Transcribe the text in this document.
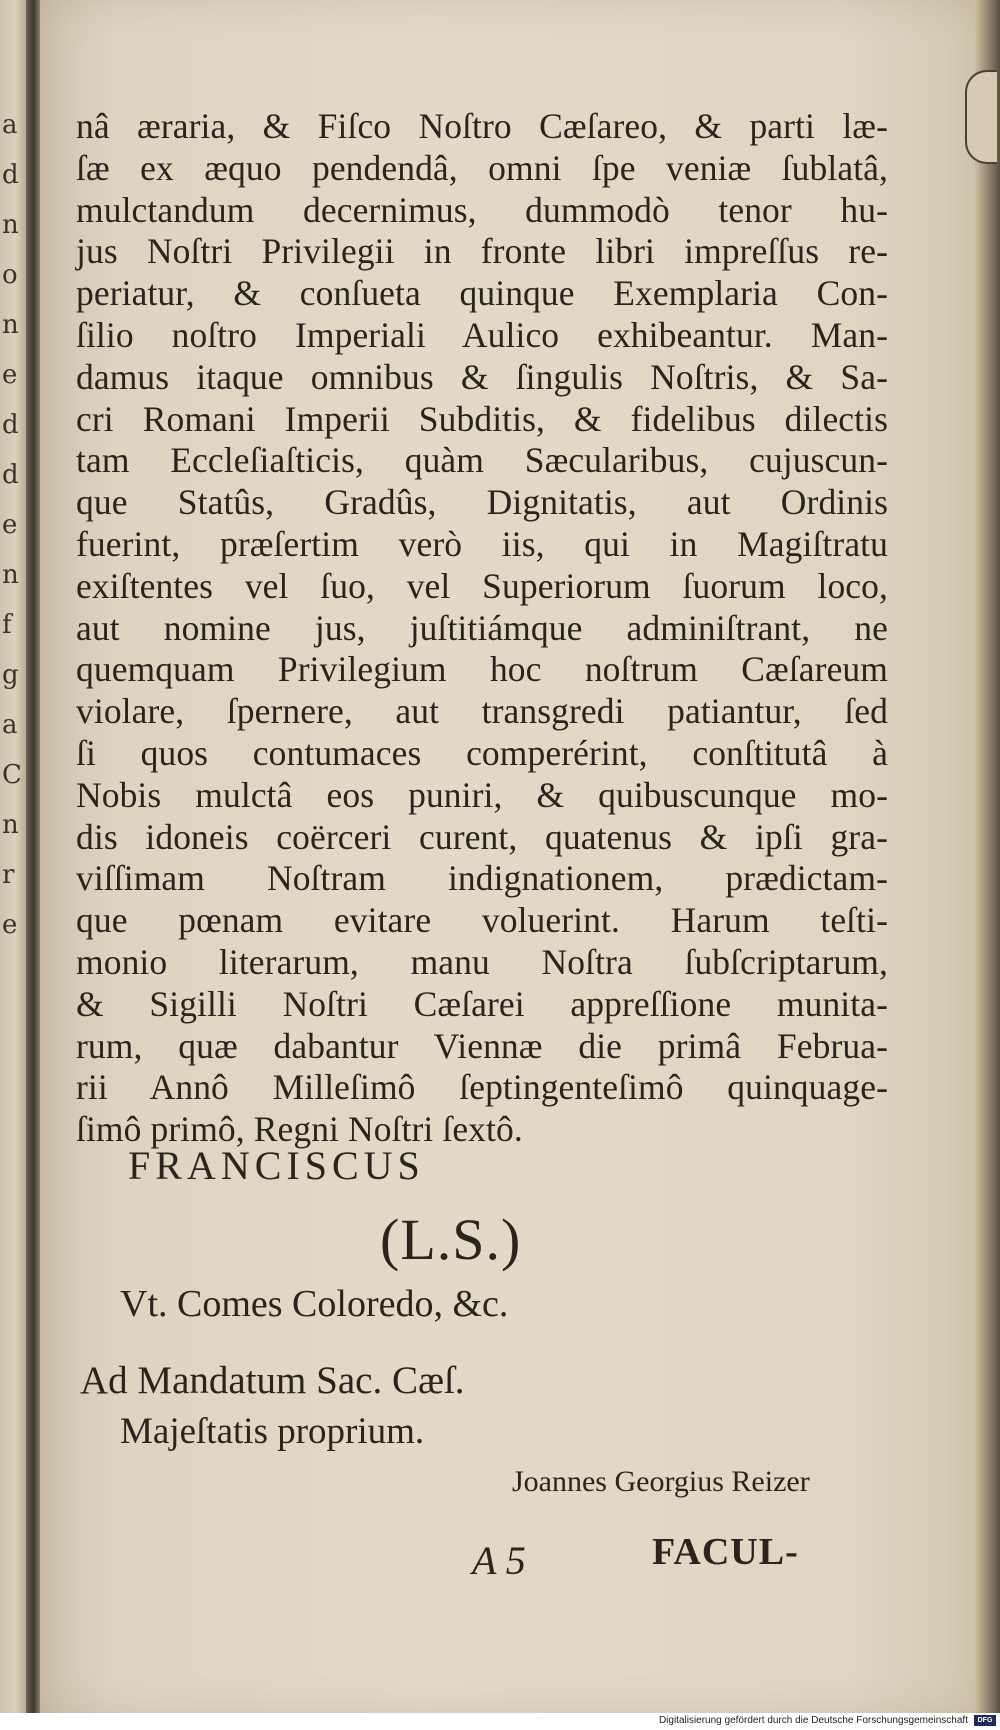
a
d
n
o
n
e
d
d
e
n
f
g
a
C
n
r
e
nâ æraria, & Fiſco Noſtro Cæſareo, & parti læ-
ſæ ex æquo pendendâ, omni ſpe veniæ ſublatâ,
mulctandum decernimus, dummodò tenor hu-
jus Noſtri Privilegii in fronte libri impreſſus re-
periatur, & conſueta quinque Exemplaria Con-
ſilio noſtro Imperiali Aulico exhibeantur. Man-
damus itaque omnibus & ſingulis Noſtris, & Sa-
cri Romani Imperii Subditis, & fidelibus dilectis
tam Eccleſiaſticis, quàm Sæcularibus, cujuscun-
que Statûs, Gradûs, Dignitatis, aut Ordinis
fuerint, præſertim verò iis, qui in Magiſtratu
exiſtentes vel ſuo, vel Superiorum ſuorum loco,
aut nomine jus, juſtitiámque adminiſtrant, ne
quemquam Privilegium hoc noſtrum Cæſareum
violare, ſpernere, aut transgredi patiantur, ſed
ſi quos contumaces comperérint, conſtitutâ à
Nobis mulctâ eos puniri, & quibuscunque mo-
dis idoneis coërceri curent, quatenus & ipſi gra-
viſſimam Noſtram indignationem, prædictam-
que pœnam evitare voluerint. Harum teſti-
monio literarum, manu Noſtra ſubſcriptarum,
& Sigilli Noſtri Cæſarei appreſſione munita-
rum, quæ dabantur Viennæ die primâ Februa-
rii Annô Milleſimô ſeptingenteſimô quinquage-
ſimô primô, Regni Noſtri ſextô.
FRANCISCUS
(L.S.)
Vt. Comes Coloredo, &c.
Ad Mandatum Sac. Cæſ.
Majeſtatis proprium.
Joannes Georgius Reizer
A 5	FACUL-
Digitalisierung gefördert durch die Deutsche Forschungsgemeinschaft	DFG
